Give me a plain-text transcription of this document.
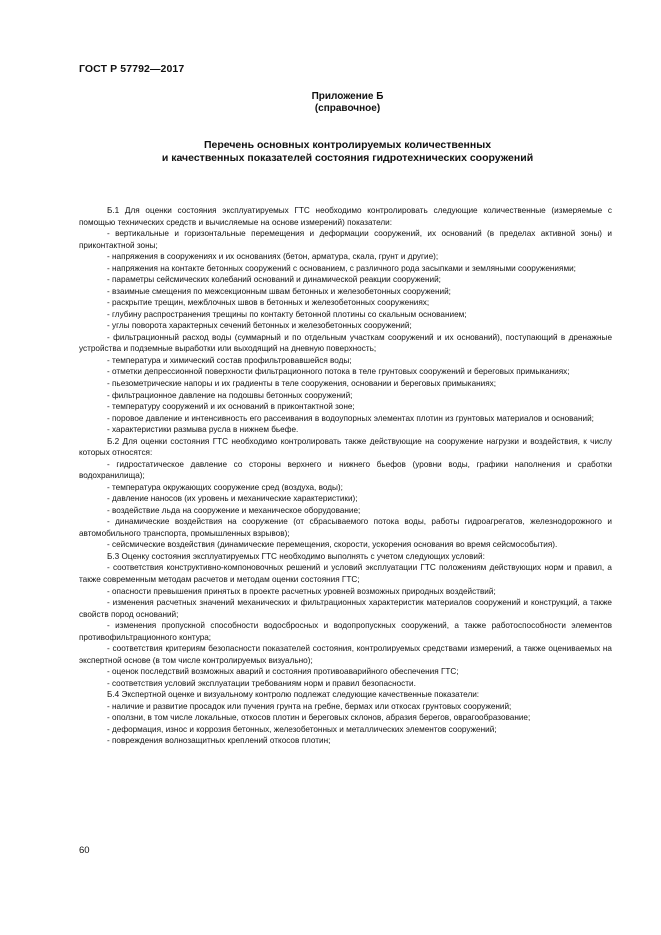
ГОСТ Р 57792—2017
Приложение Б
(справочное)
Перечень основных контролируемых количественных
и качественных показателей состояния гидротехнических сооружений

Б.1 Для оценки состояния эксплуатируемых ГТС необходимо контролировать следующие количественные (измеряемые с помощью технических средств и вычисляемые на основе измерений) показатели:

- вертикальные и горизонтальные перемещения и деформации сооружений, их оснований (в пределах активной зоны) и приконтактной зоны;

- напряжения в сооружениях и их основаниях (бетон, арматура, скала, грунт и другие);

- напряжения на контакте бетонных сооружений с основанием, с различного рода засыпками и земляными сооружениями;

- параметры сейсмических колебаний оснований и динамической реакции сооружений;

- взаимные смещения по межсекционным швам бетонных и железобетонных сооружений;

- раскрытие трещин, межблочных швов в бетонных и железобетонных сооружениях;

- глубину распространения трещины по контакту бетонной плотины со скальным основанием;

- углы поворота характерных сечений бетонных и железобетонных сооружений;

- фильтрационный расход воды (суммарный и по отдельным участкам сооружений и их оснований), поступающий в дренажные устройства и подземные выработки или выходящий на дневную поверхность;

- температура и химический состав профильтровавшейся воды;

- отметки депрессионной поверхности фильтрационного потока в теле грунтовых сооружений и береговых примыканиях;

- пьезометрические напоры и их градиенты в теле сооружения, основании и береговых примыканиях;

- фильтрационное давление на подошвы бетонных сооружений;

- температуру сооружений и их оснований в приконтактной зоне;

- поровое давление и интенсивность его рассеивания в водоупорных элементах плотин из грунтовых материалов и оснований;

- характеристики размыва русла в нижнем бьефе.

Б.2 Для оценки состояния ГТС необходимо контролировать также действующие на сооружение нагрузки и воздействия, к числу которых относятся:

- гидростатическое давление со стороны верхнего и нижнего бьефов (уровни воды, графики наполнения и сработки водохранилища);

- температура окружающих сооружение сред (воздуха, воды);

- давление наносов (их уровень и механические характеристики);

- воздействие льда на сооружение и механическое оборудование;

- динамические воздействия на сооружение (от сбрасываемого потока воды, работы гидроагрегатов, железнодорожного и автомобильного транспорта, промышленных взрывов);

- сейсмические воздействия (динамические перемещения, скорости, ускорения основания во время сейсмособытия).

Б.3 Оценку состояния эксплуатируемых ГТС необходимо выполнять с учетом следующих условий:

- соответствия конструктивно-компоновочных решений и условий эксплуатации ГТС положениям действующих норм и правил, а также современным методам расчетов и методам оценки состояния ГТС;

- опасности превышения принятых в проекте расчетных уровней возможных природных воздействий;

- изменения расчетных значений механических и фильтрационных характеристик материалов сооружений и конструкций, а также свойств пород оснований;

- изменения пропускной способности водосбросных и водопропускных сооружений, а также работоспособности элементов противофильтрационного контура;

- соответствия критериям безопасности показателей состояния, контролируемых средствами измерений, а также оцениваемых на экспертной основе (в том числе контролируемых визуально);

- оценок последствий возможных аварий и состояния противоаварийного обеспечения ГТС;

- соответствия условий эксплуатации требованиям норм и правил безопасности.

Б.4 Экспертной оценке и визуальному контролю подлежат следующие качественные показатели:

- наличие и развитие просадок или пучения грунта на гребне, бермах или откосах грунтовых сооружений;

- оползни, в том числе локальные, откосов плотин и береговых склонов, абразия берегов, оврагообразование;

- деформация, износ и коррозия бетонных, железобетонных и металлических элементов сооружений;

- повреждения волнозащитных креплений откосов плотин;

60
